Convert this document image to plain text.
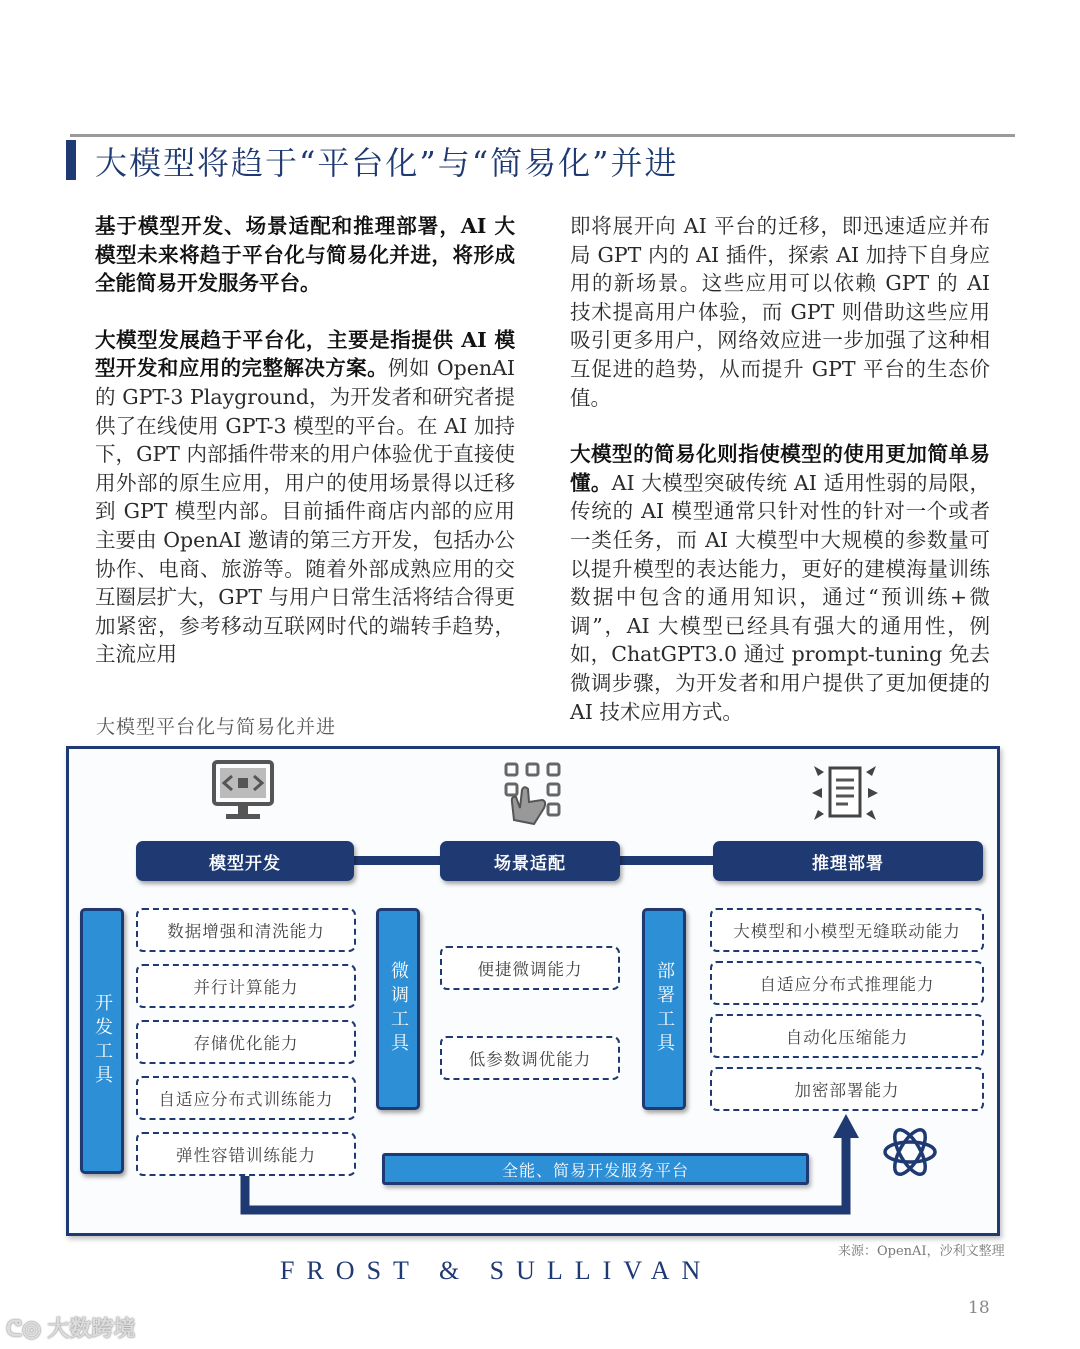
大模型将趋于“平台化”与“简易化”并进

基于模型开发、场景适配和推理部署，AI 大模型未来将趋于平台化与简易化并进，将形成全能简易开发服务平台。

大模型发展趋于平台化，主要是指提供 AI 模型开发和应用的完整解决方案。例如 OpenAI 的 GPT-3 Playground，为开发者和研究者提供了在线使用 GPT-3 模型的平台。在 AI 加持下，GPT 内部插件带来的用户体验优于直接使用外部的原生应用，用户的使用场景得以迁移到 GPT 模型内部。目前插件商店内部的应用主要由 OpenAI 邀请的第三方开发，包括办公协作、电商、旅游等。随着外部成熟应用的交互圈层扩大，GPT 与用户日常生活将结合得更加紧密，参考移动互联网时代的端转手趋势，主流应用

即将展开向 AI 平台的迁移，即迅速适应并布局 GPT 内的 AI 插件，探索 AI 加持下自身应用的新场景。这些应用可以依赖 GPT 的 AI 技术提高用户体验，而 GPT 则借助这些应用吸引更多用户，网络效应进一步加强了这种相互促进的趋势，从而提升 GPT 平台的生态价值。

大模型的简易化则指使模型的使用更加简单易懂。AI 大模型突破传统 AI 适用性弱的局限，传统的 AI 模型通常只针对性的针对一个或者一类任务，而 AI 大模型中大规模的参数量可以提升模型的表达能力，更好的建模海量训练数据中包含的通用知识，通过“预训练+微调”，AI 大模型已经具有强大的通用性，例如，ChatGPT3.0 通过 prompt-tuning 免去微调步骤，为开发者和用户提供了更加便捷的 AI 技术应用方式。

大模型平台化与简易化并进
模型开发	场景适配	推理部署
开发工具
数据增强和清洗能力
并行计算能力
存储优化能力
自适应分布式训练能力
弹性容错训练能力
微调工具	便捷微调能力
低参数调优能力
部署工具
大模型和小模型无缝联动能力
自适应分布式推理能力
自动化压缩能力
加密部署能力
全能、简易开发服务平台
来源：OpenAI，沙利文整理
FROST & SULLIVAN
18
ᕦ◎ 大数跨境
